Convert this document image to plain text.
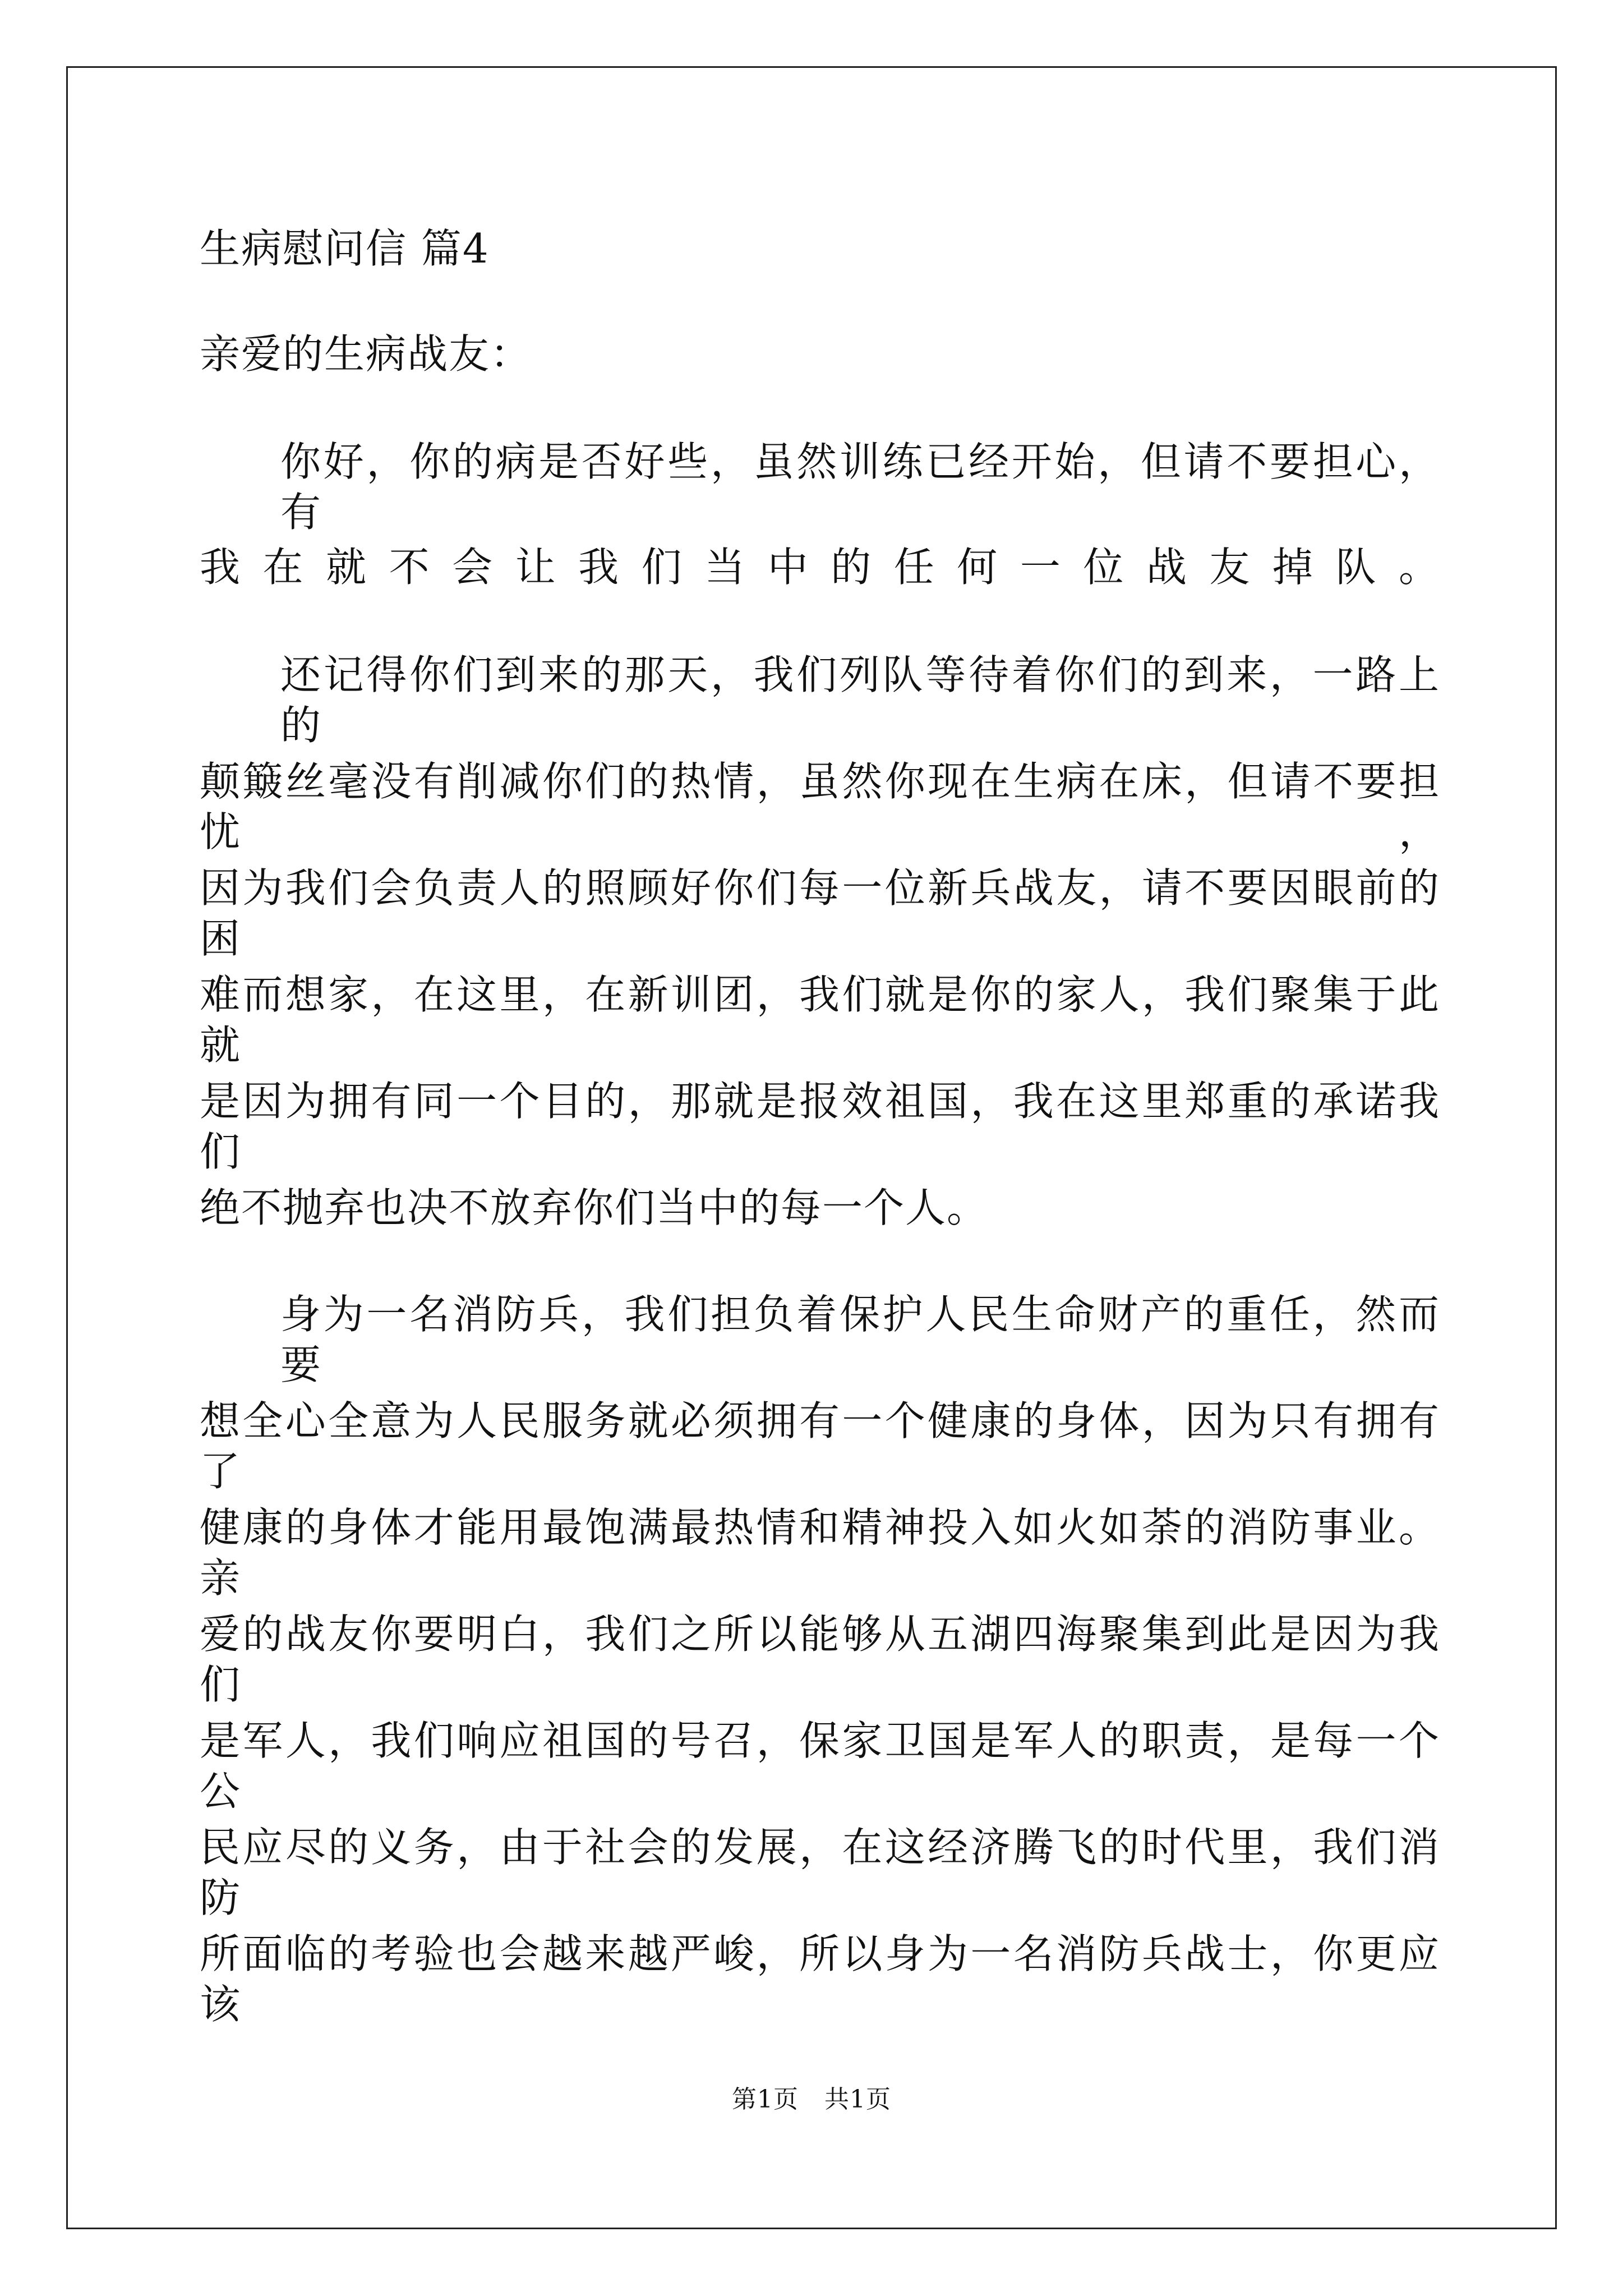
生病慰问信 篇4
亲爱的生病战友：
你好，你的病是否好些，虽然训练已经开始，但请不要担心，有
我在就不会让我们当中的任何一位战友掉队。
还记得你们到来的那天，我们列队等待着你们的到来，一路上的
颠簸丝毫没有削减你们的热情，虽然你现在生病在床，但请不要担忧，
因为我们会负责人的照顾好你们每一位新兵战友，请不要因眼前的困
难而想家，在这里，在新训团，我们就是你的家人，我们聚集于此就
是因为拥有同一个目的，那就是报效祖国，我在这里郑重的承诺我们
绝不抛弃也决不放弃你们当中的每一个人。
身为一名消防兵，我们担负着保护人民生命财产的重任，然而要
想全心全意为人民服务就必须拥有一个健康的身体，因为只有拥有了
健康的身体才能用最饱满最热情和精神投入如火如荼的消防事业。亲
爱的战友你要明白，我们之所以能够从五湖四海聚集到此是因为我们
是军人，我们响应祖国的号召，保家卫国是军人的职责，是每一个公
民应尽的义务，由于社会的发展，在这经济腾飞的时代里，我们消防
所面临的考验也会越来越严峻，所以身为一名消防兵战士，你更应该
第1页 共1页
